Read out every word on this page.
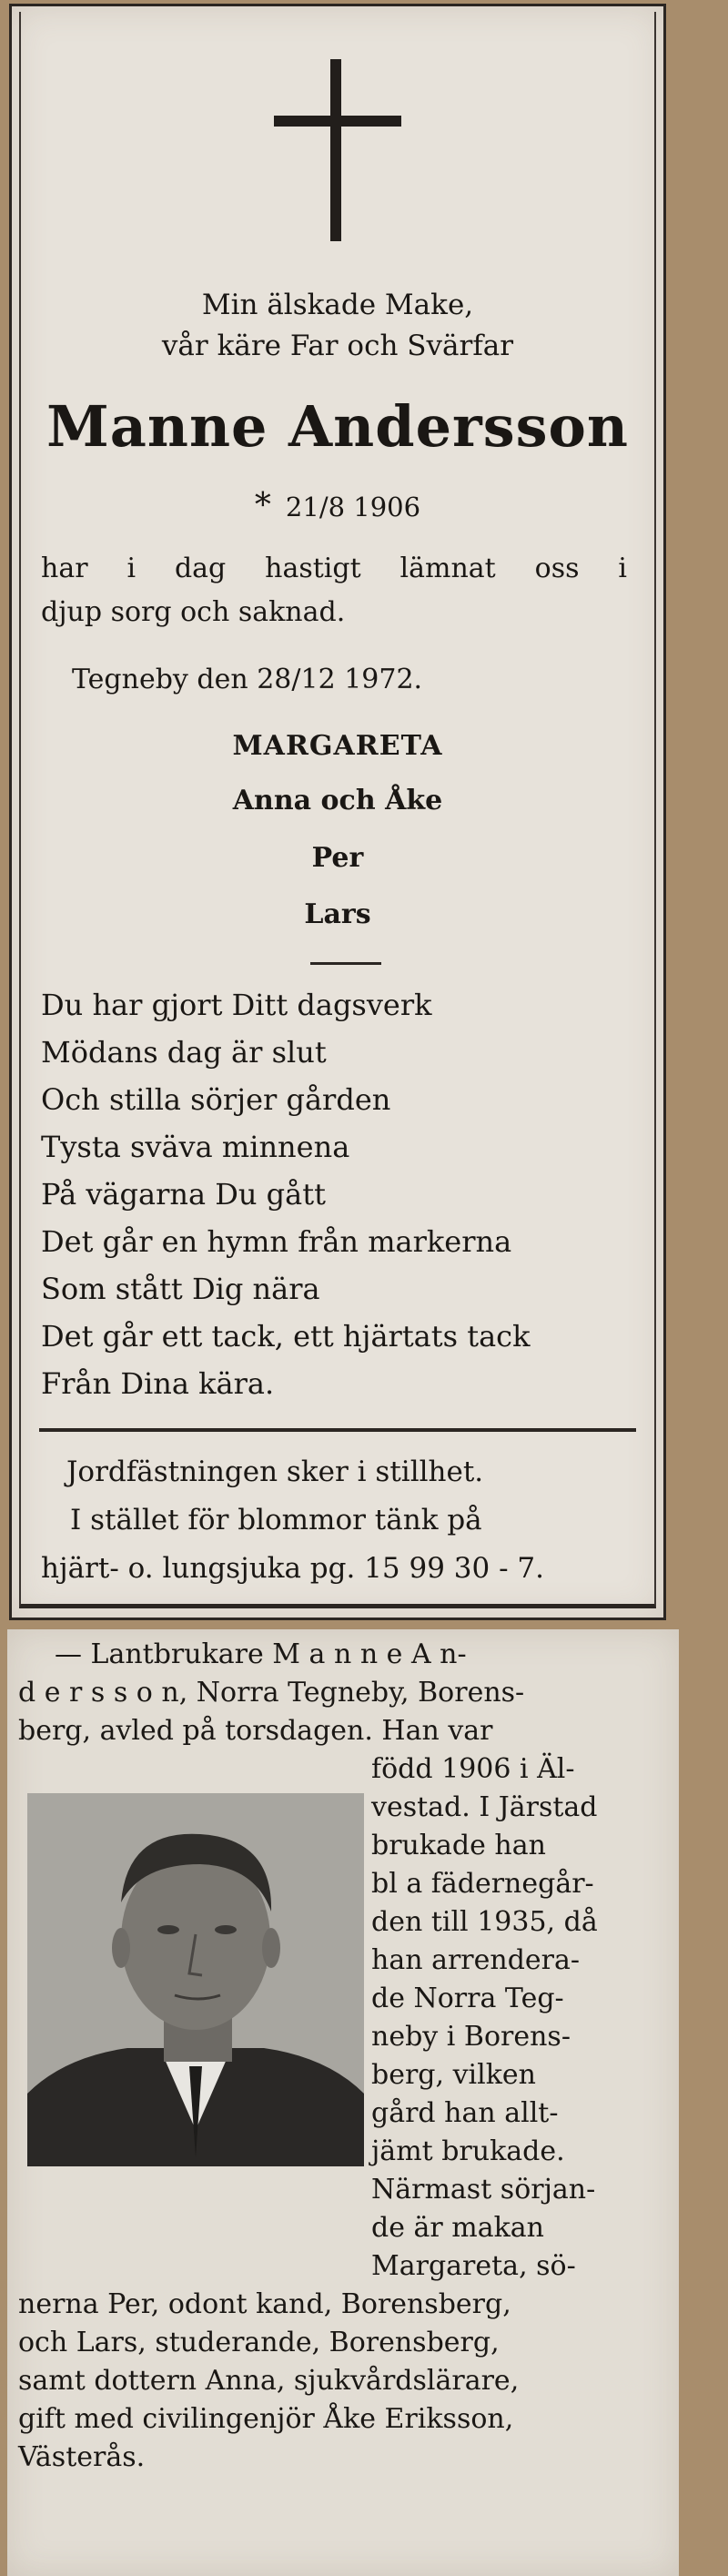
Min älskade Make,
vår käre Far och Svärfar
Manne Andersson
* 21/8 1906
har i dag hastigt lämnat oss i
djup sorg och saknad.
Tegneby den 28/12 1972.
MARGARETA
Anna och Åke
Per
Lars
Du har gjort Ditt dagsverk
Mödans dag är slut
Och stilla sörjer gården
Tysta sväva minnena
På vägarna Du gått
Det går en hymn från markerna
Som stått Dig nära
Det går ett tack, ett hjärtats tack
Från Dina kära.
Jordfästningen sker i stillhet.
I stället för blommor tänk på
hjärt- o. lungsjuka pg. 15 99 30 - 7.
— Lantbrukare M a n n e A n-
d e r s s o n, Norra Tegneby, Borens-
berg, avled på torsdagen. Han var
född 1906 i Äl-
vestad. I Järstad
brukade han
bl a fädernegår-
den till 1935, då
han arrendera-
de Norra Teg-
neby i Borens-
berg, vilken
gård han allt-
jämt brukade.
Närmast sörjan-
de är makan
Margareta, sö-
nerna Per, odont kand, Borensberg,
och Lars, studerande, Borensberg,
samt dottern Anna, sjukvårdslärare,
gift med civilingenjör Åke Eriksson,
Västerås.
